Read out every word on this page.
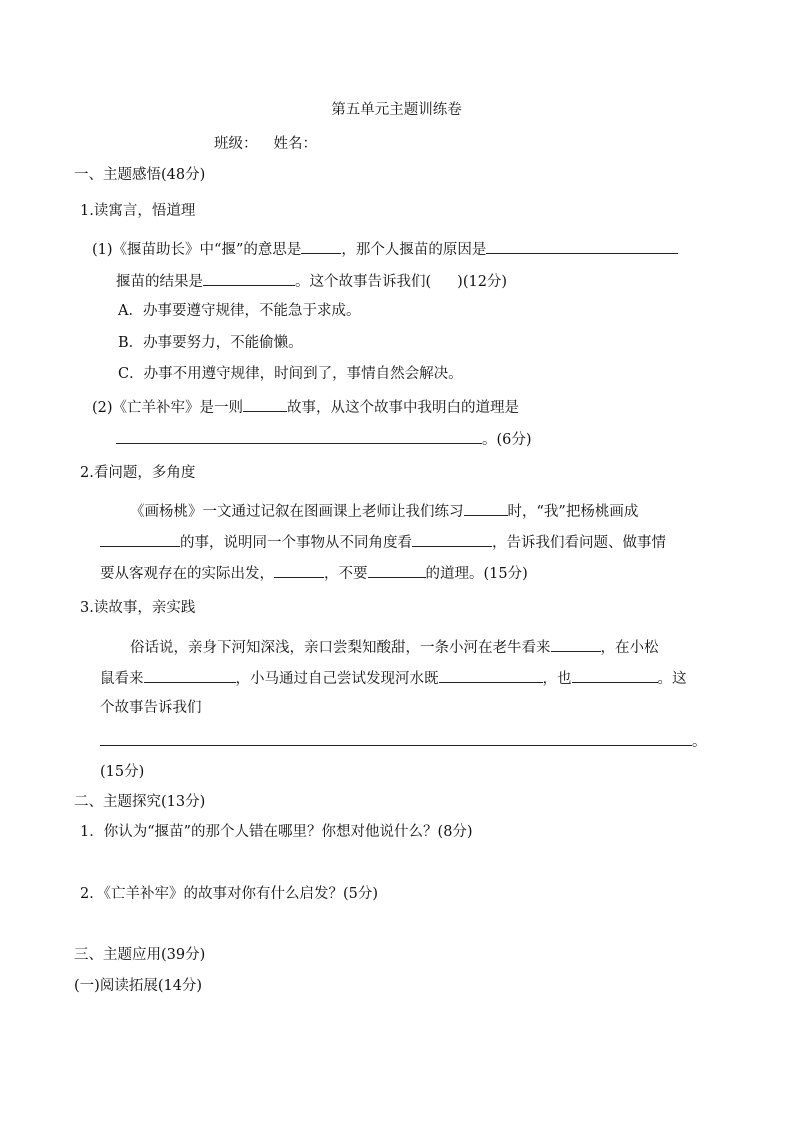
第五单元主题训练卷
班级： 姓名：
一、主题感悟(48分)
1.读寓言，悟道理
(1)《揠苗助长》中“揠”的意思是	，那个人揠苗的原因是
揠苗的结果是	。这个故事告诉我们( )(12分)
A．办事要遵守规律，不能急于求成。
B．办事要努力，不能偷懒。
C．办事不用遵守规律，时间到了，事情自然会解决。
(2)《亡羊补牢》是一则	故事，从这个故事中我明白的道理是
。(6分)
2.看问题，多角度
《画杨桃》一文通过记叙在图画课上老师让我们练习	时，“我”把杨桃画成
的事，说明同一个事物从不同角度看	，告诉我们看问题、做事情
要从客观存在的实际出发，	，不要	的道理。(15分)
3.读故事，亲实践
俗话说，亲身下河知深浅，亲口尝梨知酸甜，一条小河在老牛看来	，在小松
鼠看来	，小马通过自己尝试发现河水既	，也	。这
个故事告诉我们
。
(15分)
二、主题探究(13分)
1．你认为“揠苗”的那个人错在哪里？你想对他说什么？(8分)
2．《亡羊补牢》的故事对你有什么启发？(5分)
三、主题应用(39分)
(一)阅读拓展(14分)
